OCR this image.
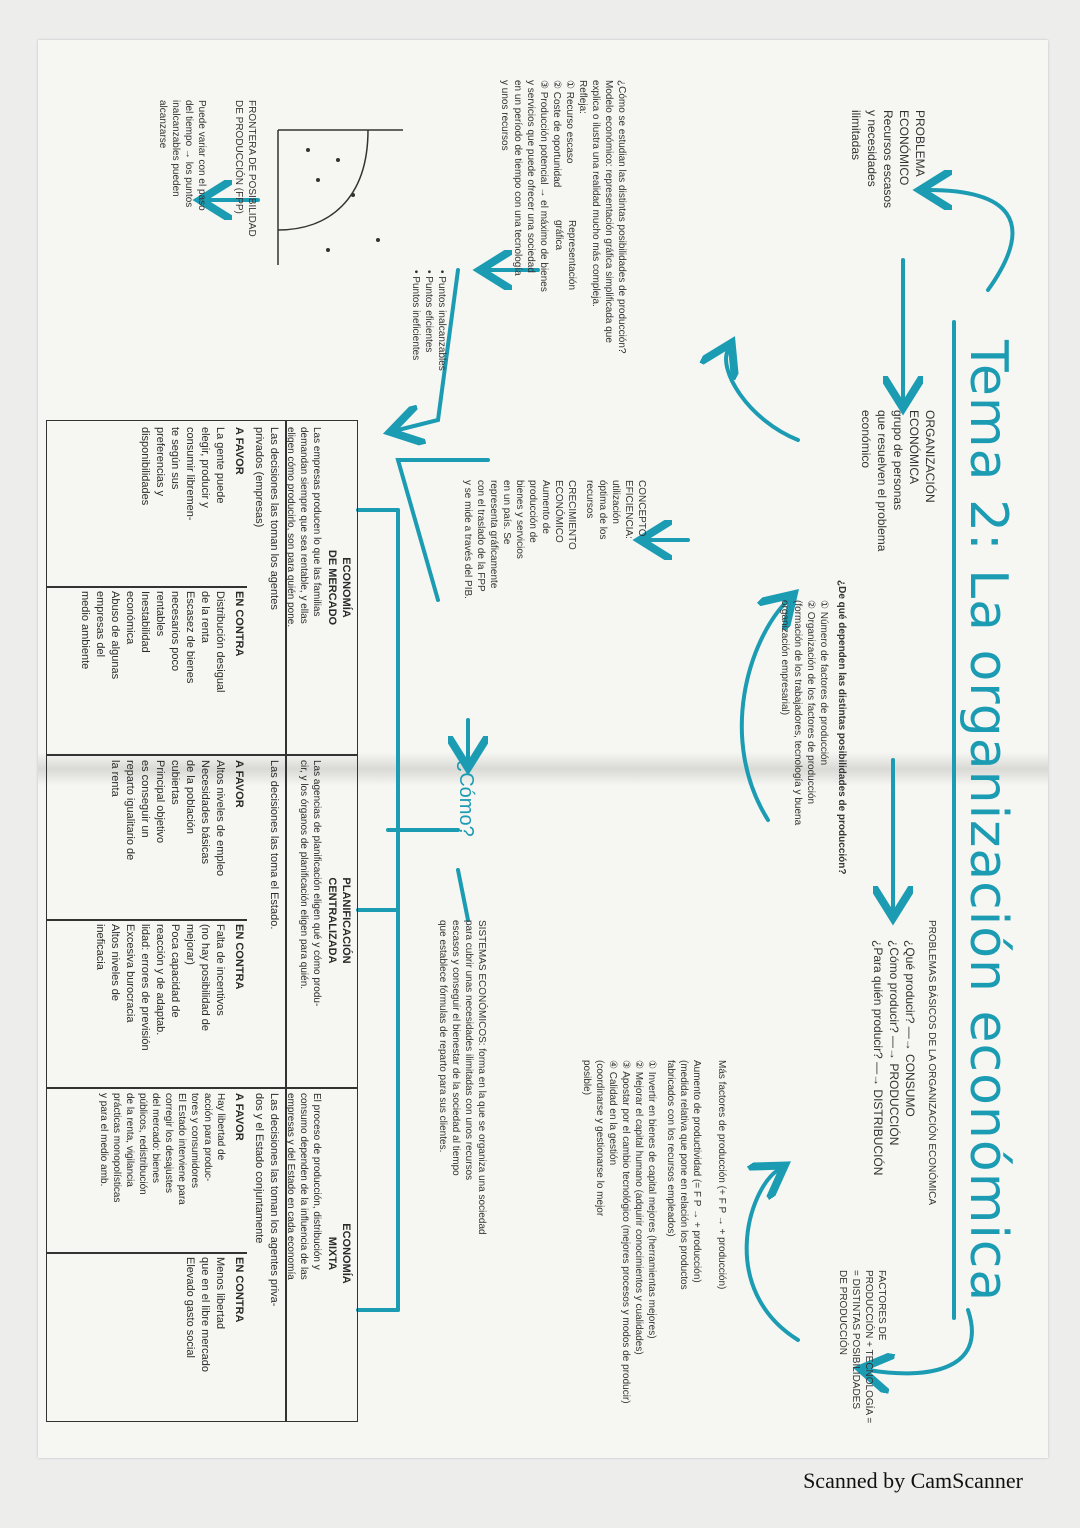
Tema 2: La organización económica
PROBLEMA
ECONÓMICO
Recursos escasos
y necesidades
ilimitadas
ORGANIZACIÓN
ECONÓMICA
grupo de personas
que resuelven el problema
económico
PROBLEMAS BÁSICOS DE LA ORGANIZACIÓN ECONÓMICA
¿Qué producir? —→ CONSUMO
¿Cómo producir? —→ PRODUCCIÓN
¿Para quién producir? —→ DISTRIBUCIÓN
FACTORES DE
PRODUCCIÓN + TECNOLOGÍA =
= DISTINTAS POSIBILIDADES
DE PRODUCCIÓN
¿De qué dependen las distintas posibilidades de producción?
① Número de factores de producción
② Organización de los factores de producción
(formación de los trabajadores, tecnología y buena
organización empresarial)
Más factores de producción (+ F P → + producción)
Aumento de productividad (= F P → + producción)
(medida relativa que pone en relación los productos
fabricados con los recursos empleados)
① Invertir en bienes de capital mejores (herramientas mejores)
② Mejorar el capital humano (adquirir conocimientos y cualidades)
③ Apostar por el cambio tecnológico (mejores procesos y modos de producir)
④ Calidad en la gestión
(coordinarse y gestionarse lo mejor
posible)
¿Cómo se estudian las distintas posibilidades de producción?
Modelo económico: representación gráfica simplificada que
explica o ilustra una realidad mucho más compleja.
Refleja:
① Recurso escaso
② Coste de oportunidad
③ Producción potencial → el máximo de bienes
y servicios que puede ofrecer una sociedad
en un período de tiempo con una tecnología
y unos recursos
CONCEPTO
EFICIENCIA:
utilización
óptima de los
recursos
Representación
gráfica
• Puntos inalcanzables
• Puntos eficientes
• Puntos ineficientes
FRONTERA DE POSIBILIDAD
DE PRODUCCIÓN (FPP)
Puede variar con el paso
del tiempo → los puntos
inalcanzables pueden
alcanzarse
CRECIMIENTO
ECONÓMICO
Aumento de
producción de
bienes y servicios
en un país. Se
representa gráficamente
con el traslado de la FPP
y se mide a través del PIB.
¿Cómo?
SISTEMAS ECONÓMICOS: forma en la que se organiza una sociedad
para cubrir unas necesidades ilimitadas con unos recursos
escasos y conseguir el bienestar de la sociedad al tiempo
que establece fórmulas de reparto para sus clientes.
ECONOMÍA
DE MERCADO
Las empresas producen lo que las familias
demandan siempre que sea rentable, y ellas
eligen cómo producirlo, son para quién pone.
Las decisiones las toman los agentes
privados (empresas)
A FAVOR
EN CONTRA
La gente puede
elegir, producir y
consumir libremen-
te según sus
preferencias y
disponibilidades
Distribución desigual
de la renta
Escasez de bienes
necesarios poco
rentables
Inestabilidad
económica
Abuso de algunas
empresas del
medio ambiente
PLANIFICACIÓN
CENTRALIZADA
Las agencias de planificación eligen qué y cómo produ-
cir, y los órganos de planificación eligen para quién.
Las decisiones las toma el Estado.
A FAVOR
EN CONTRA
Altos niveles de empleo
Necesidades básicas
de la población
cubiertas
Principal objetivo
es conseguir un
reparto igualitario de
la renta
Falta de incentivos
(no hay posibilidad de
mejorar)
Poca capacidad de
reacción y de adaptab.
lidad: errores de previsión
Excesiva burocracia
Altos niveles de
ineficacia
ECONOMÍA
MIXTA
El proceso de producción, distribución y
consumo dependen de la influencia de las
empresas y del Estado en cada economía
Las decisiones las toman los agentes priva-
dos y el Estado conjuntamente
A FAVOR
EN CONTRA
Hay libertad de
acción para produc-
tores y consumidores
El Estado interviene para
corregir los desajustes
del mercado: bienes
públicos, redistribución
de la renta, vigilancia
prácticas monopolísticas
y para el medio amb.
Menos libertad
que en el libre mercado
Elevado gasto social
Scanned by CamScanner
